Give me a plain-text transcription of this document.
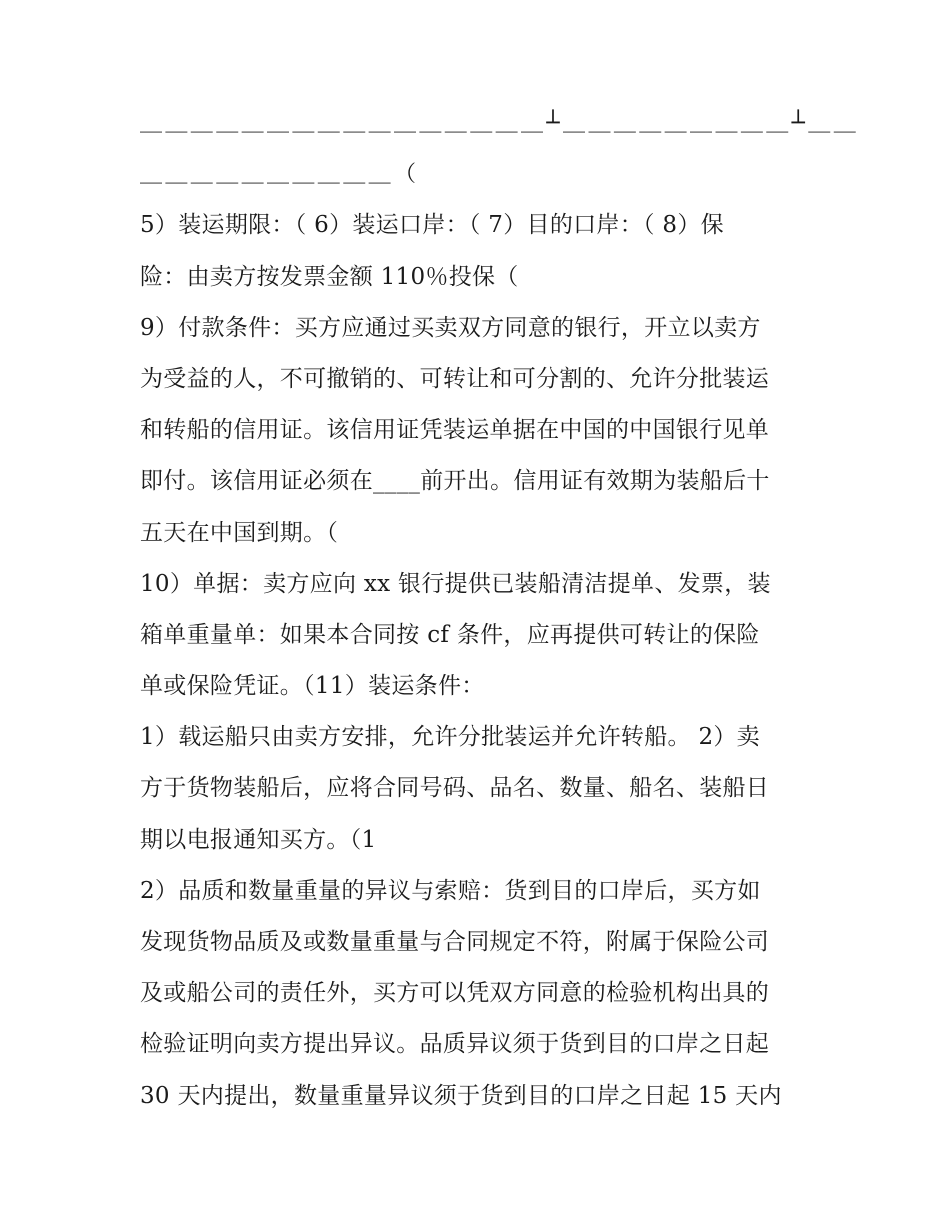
＿＿＿＿＿＿＿＿＿＿＿＿＿＿＿＿┴＿＿＿＿＿＿＿＿＿┴＿＿
＿＿＿＿＿＿＿＿＿＿（
5）装运期限：（ 6）装运口岸：（ 7）目的口岸：（ 8）保
险：由卖方按发票金额 110％投保（
9）付款条件：买方应通过买卖双方同意的银行，开立以卖方
为受益的人，不可撤销的、可转让和可分割的、允许分批装运
和转船的信用证。该信用证凭装运单据在中国的中国银行见单
即付。该信用证必须在____前开出。信用证有效期为装船后十
五天在中国到期。（
10）单据：卖方应向 xx 银行提供已装船清洁提单、发票，装
箱单重量单：如果本合同按 cf 条件，应再提供可转让的保险
单或保险凭证。（11）装运条件：
1）载运船只由卖方安排，允许分批装运并允许转船。 2）卖
方于货物装船后，应将合同号码、品名、数量、船名、装船日
期以电报通知买方。（1
2）品质和数量重量的异议与索赔：货到目的口岸后，买方如
发现货物品质及或数量重量与合同规定不符，附属于保险公司
及或船公司的责任外，买方可以凭双方同意的检验机构出具的
检验证明向卖方提出异议。品质异议须于货到目的口岸之日起
30 天内提出，数量重量异议须于货到目的口岸之日起 15 天内
